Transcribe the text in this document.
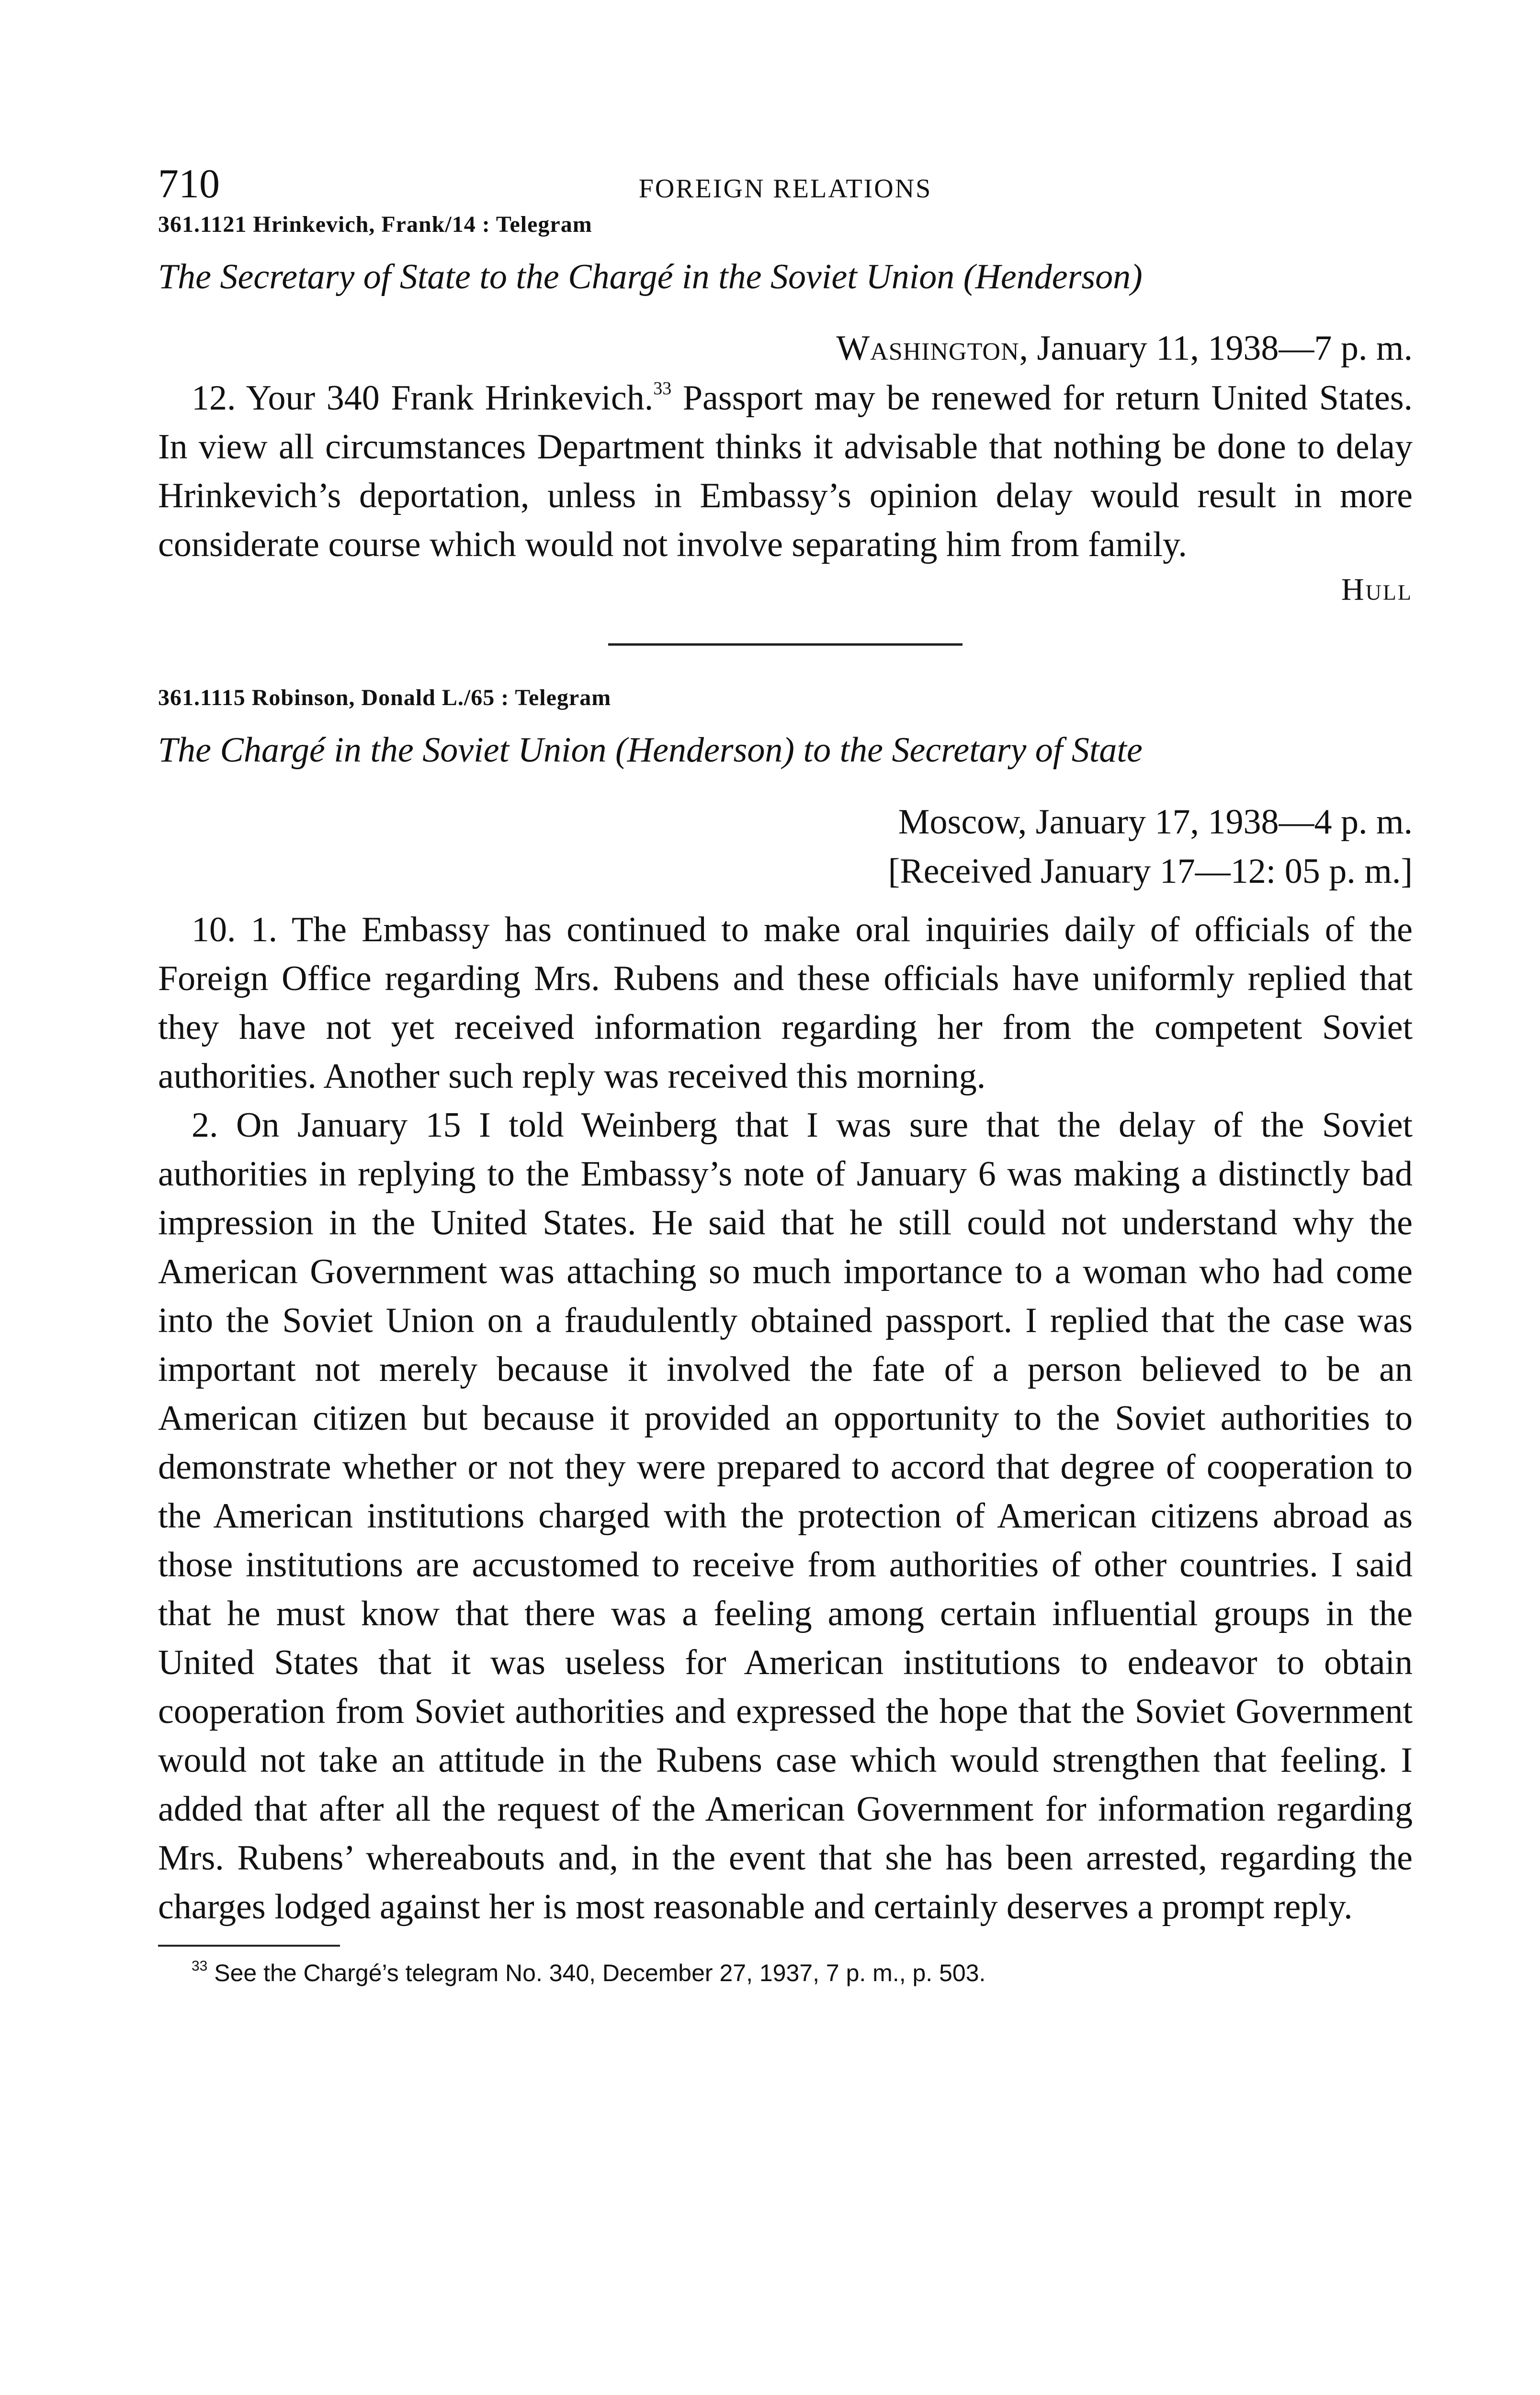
710	FOREIGN RELATIONS
361.1121 Hrinkevich, Frank/14 : Telegram
The Secretary of State to the Chargé in the Soviet Union (Henderson)
Washington, January 11, 1938—7 p. m.

12. Your 340 Frank Hrinkevich.$^{33}$ Passport may be renewed for return United States. In view all circumstances Department thinks it advisable that nothing be done to delay Hrinkevich’s deportation, unless in Embassy’s opinion delay would result in more considerate course which would not involve separating him from family.

Hull
361.1115 Robinson, Donald L./65 : Telegram
The Chargé in the Soviet Union (Henderson) to the Secretary of State
Moscow, January 17, 1938—4 p. m.
[Received January 17—12: 05 p. m.]

10. 1. The Embassy has continued to make oral inquiries daily of officials of the Foreign Office regarding Mrs. Rubens and these officials have uniformly replied that they have not yet received information regarding her from the competent Soviet authorities. Another such reply was received this morning.

2. On January 15 I told Weinberg that I was sure that the delay of the Soviet authorities in replying to the Embassy’s note of January 6 was making a distinctly bad impression in the United States. He said that he still could not understand why the American Government was attaching so much importance to a woman who had come into the Soviet Union on a fraudulently obtained passport. I replied that the case was important not merely because it involved the fate of a person believed to be an American citizen but because it provided an opportunity to the Soviet authorities to demonstrate whether or not they were prepared to accord that degree of cooperation to the American institutions charged with the protection of American citizens abroad as those institutions are accustomed to receive from authorities of other countries. I said that he must know that there was a feeling among certain influential groups in the United States that it was useless for American institutions to endeavor to obtain cooperation from Soviet authorities and expressed the hope that the Soviet Government would not take an attitude in the Rubens case which would strengthen that feeling. I added that after all the request of the American Government for information regarding Mrs. Rubens’ whereabouts and, in the event that she has been arrested, regarding the charges lodged against her is most reasonable and certainly deserves a prompt reply.

$^{33}$ See the Chargé’s telegram No. 340, December 27, 1937, 7 p. m., p. 503.
